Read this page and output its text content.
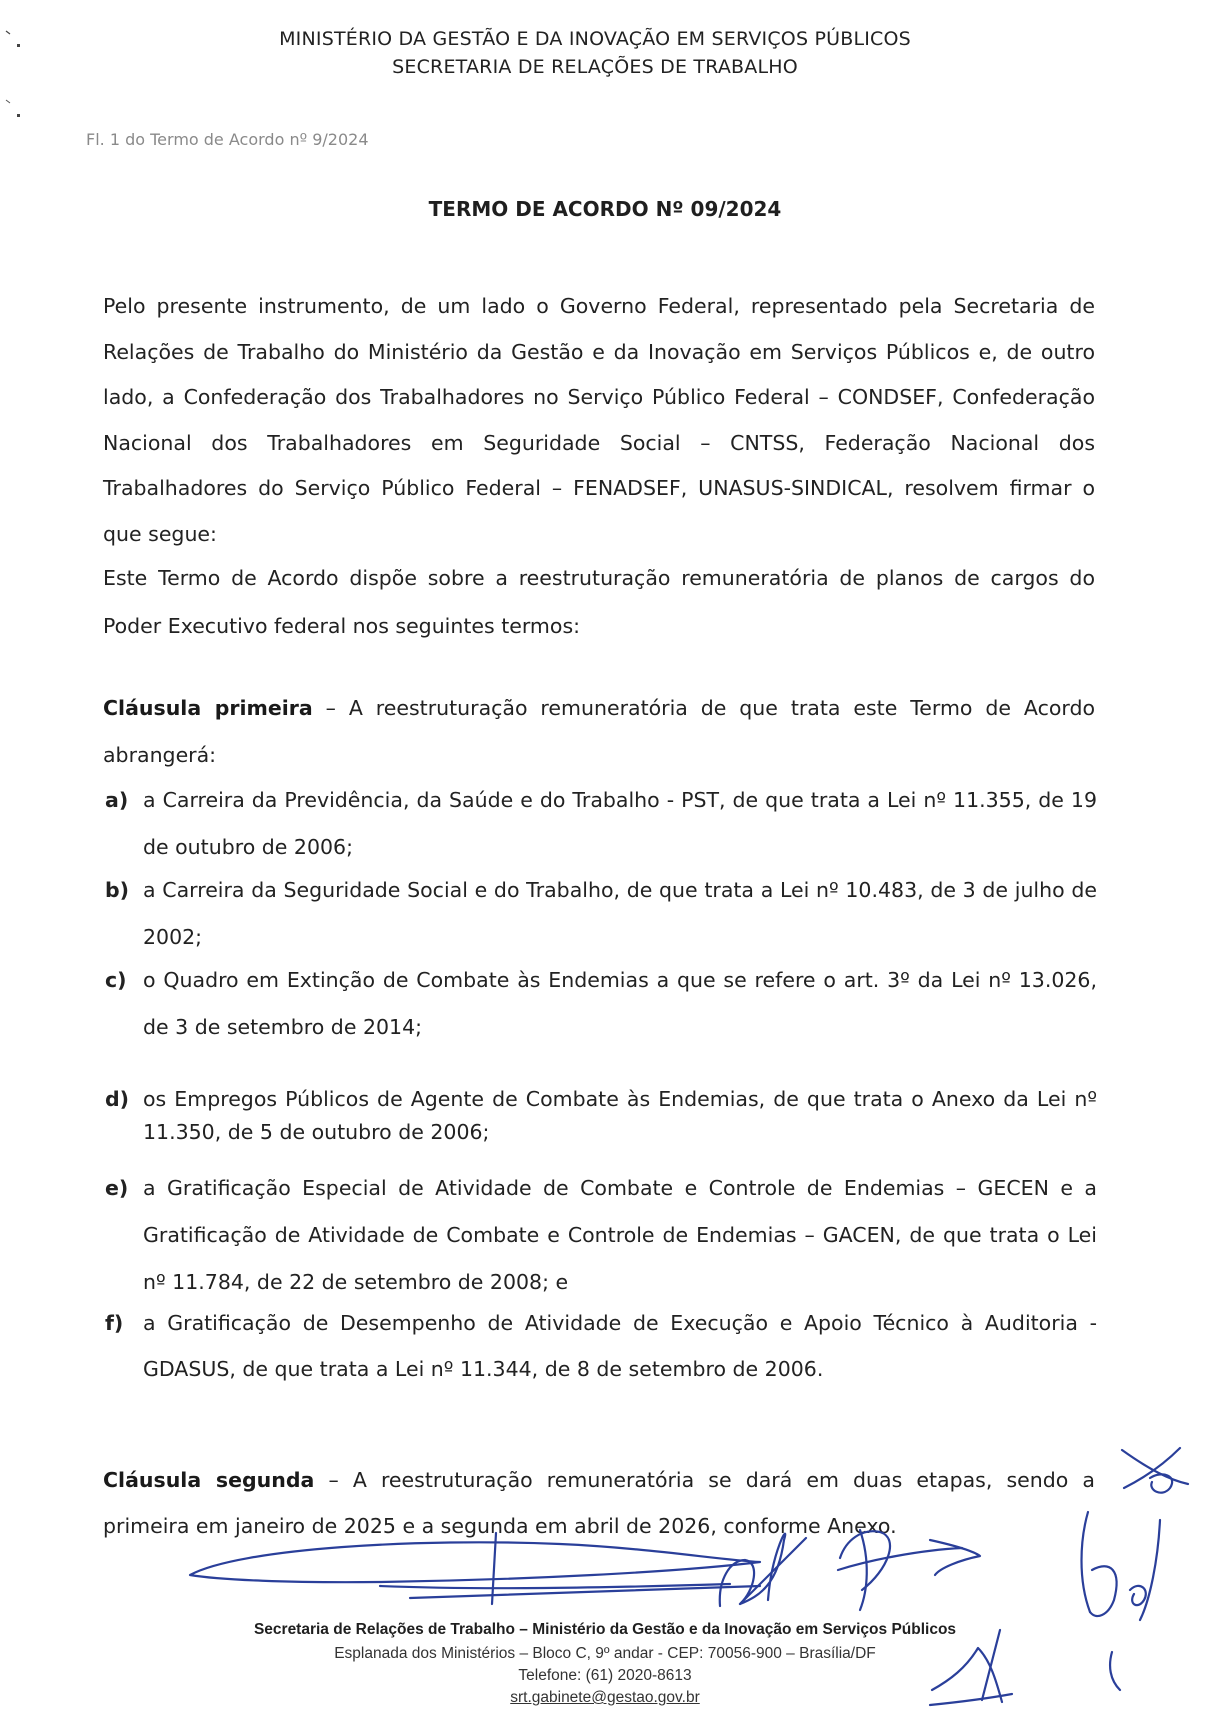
MINISTÉRIO DA GESTÃO E DA INOVAÇÃO EM SERVIÇOS PÚBLICOS
SECRETARIA DE RELAÇÕES DE TRABALHO
Fl. 1 do Termo de Acordo nº 9/2024
TERMO DE ACORDO Nº 09/2024
Pelo presente instrumento, de um lado o Governo Federal, representado pela Secretaria de Relações de Trabalho do Ministério da Gestão e da Inovação em Serviços Públicos e, de outro lado, a Confederação dos Trabalhadores no Serviço Público Federal – CONDSEF, Confederação Nacional dos Trabalhadores em Seguridade Social – CNTSS, Federação Nacional dos Trabalhadores do Serviço Público Federal – FENADSEF, UNASUS-SINDICAL, resolvem firmar o que segue:
Este Termo de Acordo dispõe sobre a reestruturação remuneratória de planos de cargos do Poder Executivo federal nos seguintes termos:
Cláusula primeira – A reestruturação remuneratória de que trata este Termo de Acordo abrangerá:
a) a Carreira da Previdência, da Saúde e do Trabalho - PST, de que trata a Lei nº 11.355, de 19 de outubro de 2006;
b) a Carreira da Seguridade Social e do Trabalho, de que trata a Lei nº 10.483, de 3 de julho de 2002;
c) o Quadro em Extinção de Combate às Endemias a que se refere o art. 3º da Lei nº 13.026, de 3 de setembro de 2014;
d) os Empregos Públicos de Agente de Combate às Endemias, de que trata o Anexo da Lei nº 11.350, de 5 de outubro de 2006;
e) a Gratificação Especial de Atividade de Combate e Controle de Endemias – GECEN e a Gratificação de Atividade de Combate e Controle de Endemias – GACEN, de que trata o Lei nº 11.784, de 22 de setembro de 2008; e
f) a Gratificação de Desempenho de Atividade de Execução e Apoio Técnico à Auditoria - GDASUS, de que trata a Lei nº 11.344, de 8 de setembro de 2006.
Cláusula segunda – A reestruturação remuneratória se dará em duas etapas, sendo a primeira em janeiro de 2025 e a segunda em abril de 2026, conforme Anexo.
Secretaria de Relações de Trabalho – Ministério da Gestão e da Inovação em Serviços Públicos
Esplanada dos Ministérios – Bloco C, 9º andar - CEP: 70056-900 – Brasília/DF
Telefone: (61) 2020-8613
srt.gabinete@gestao.gov.br
